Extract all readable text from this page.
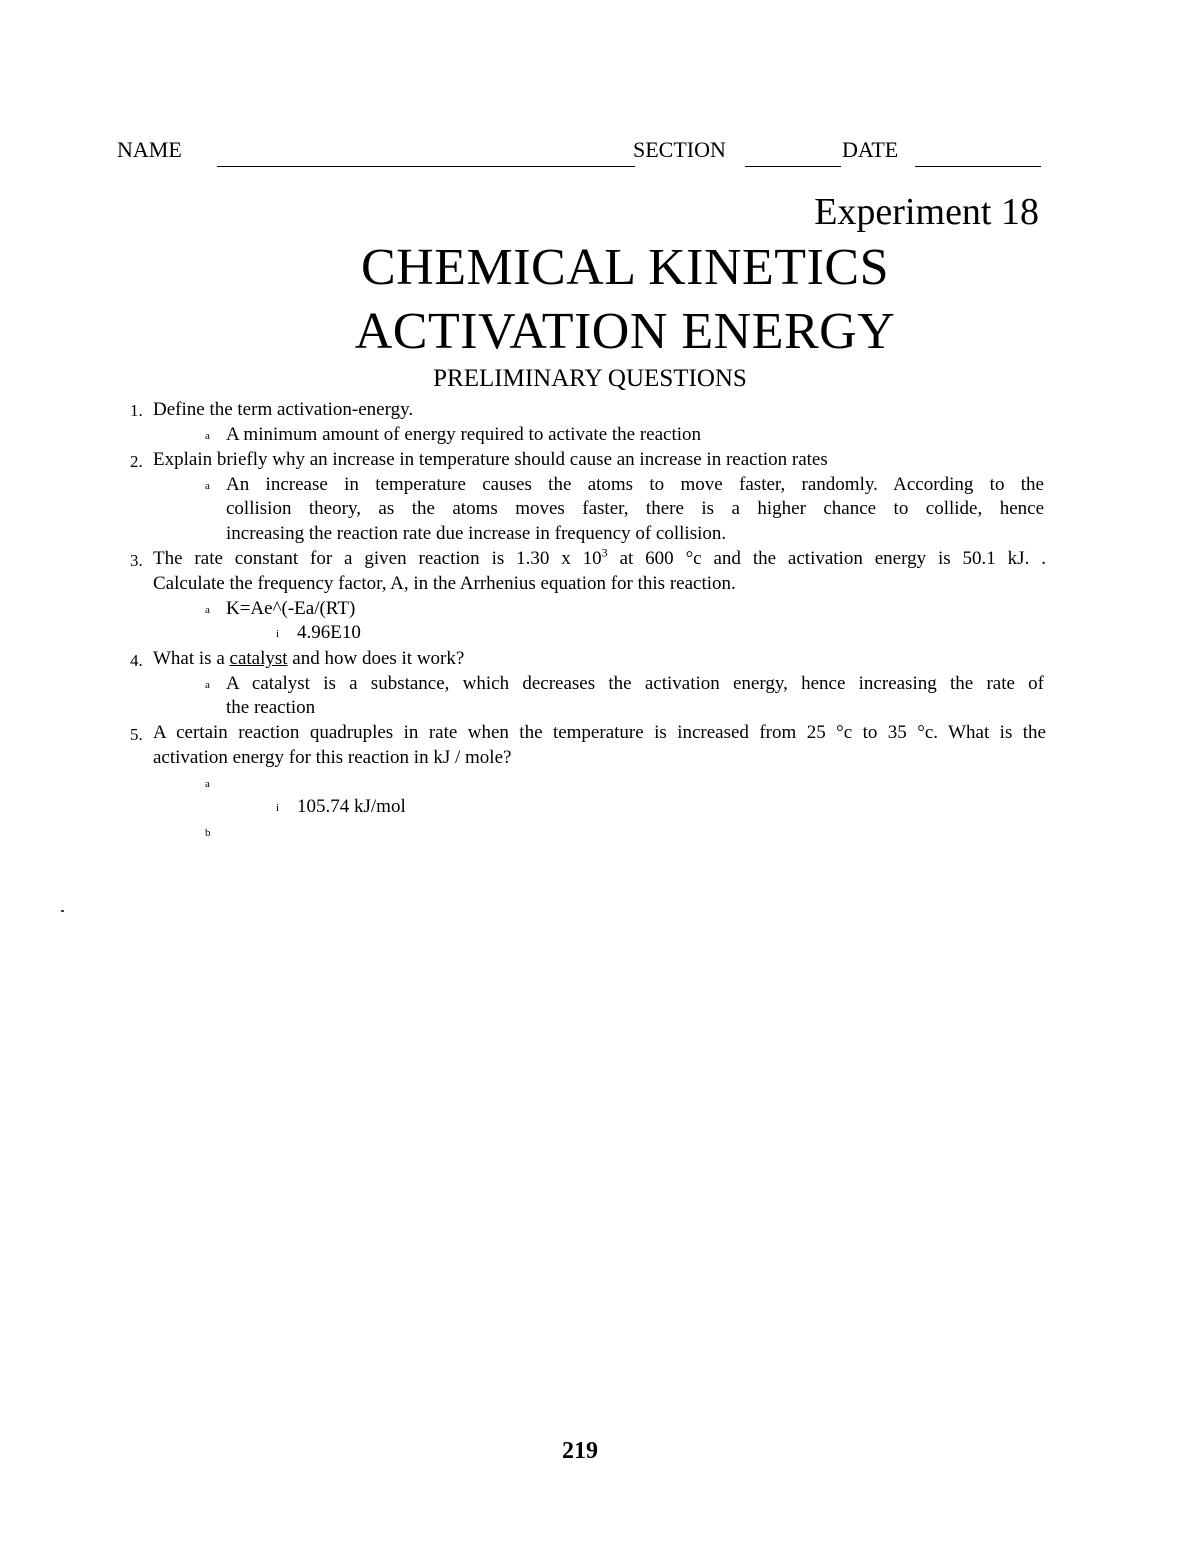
NAME	SECTION	DATE
Experiment 18
CHEMICAL KINETICS
ACTIVATION ENERGY
PRELIMINARY QUESTIONS
1. Define the term activation-energy.
a A minimum amount of energy required to activate the reaction
2. Explain briefly why an increase in temperature should cause an increase in reaction rates
a An increase in temperature causes the atoms to move faster, randomly. According to the
collision theory, as the atoms moves faster, there is a higher chance to collide, hence
increasing the reaction rate due increase in frequency of collision.
3. The rate constant for a given reaction is 1.30 x $10^3$ at 600 °c and the activation energy is 50.1 kJ. .
Calculate the frequency factor, A, in the Arrhenius equation for this reaction.
a K=Ae^(-Ea/(RT)
i 4.96E10
4. What is a catalyst and how does it work?
a A catalyst is a substance, which decreases the activation energy, hence increasing the rate of
the reaction
5. A certain reaction quadruples in rate when the temperature is increased from 25 °c to 35 °c. What is the
activation energy for this reaction in kJ / mole?
a
i 105.74 kJ/mol
b
219
